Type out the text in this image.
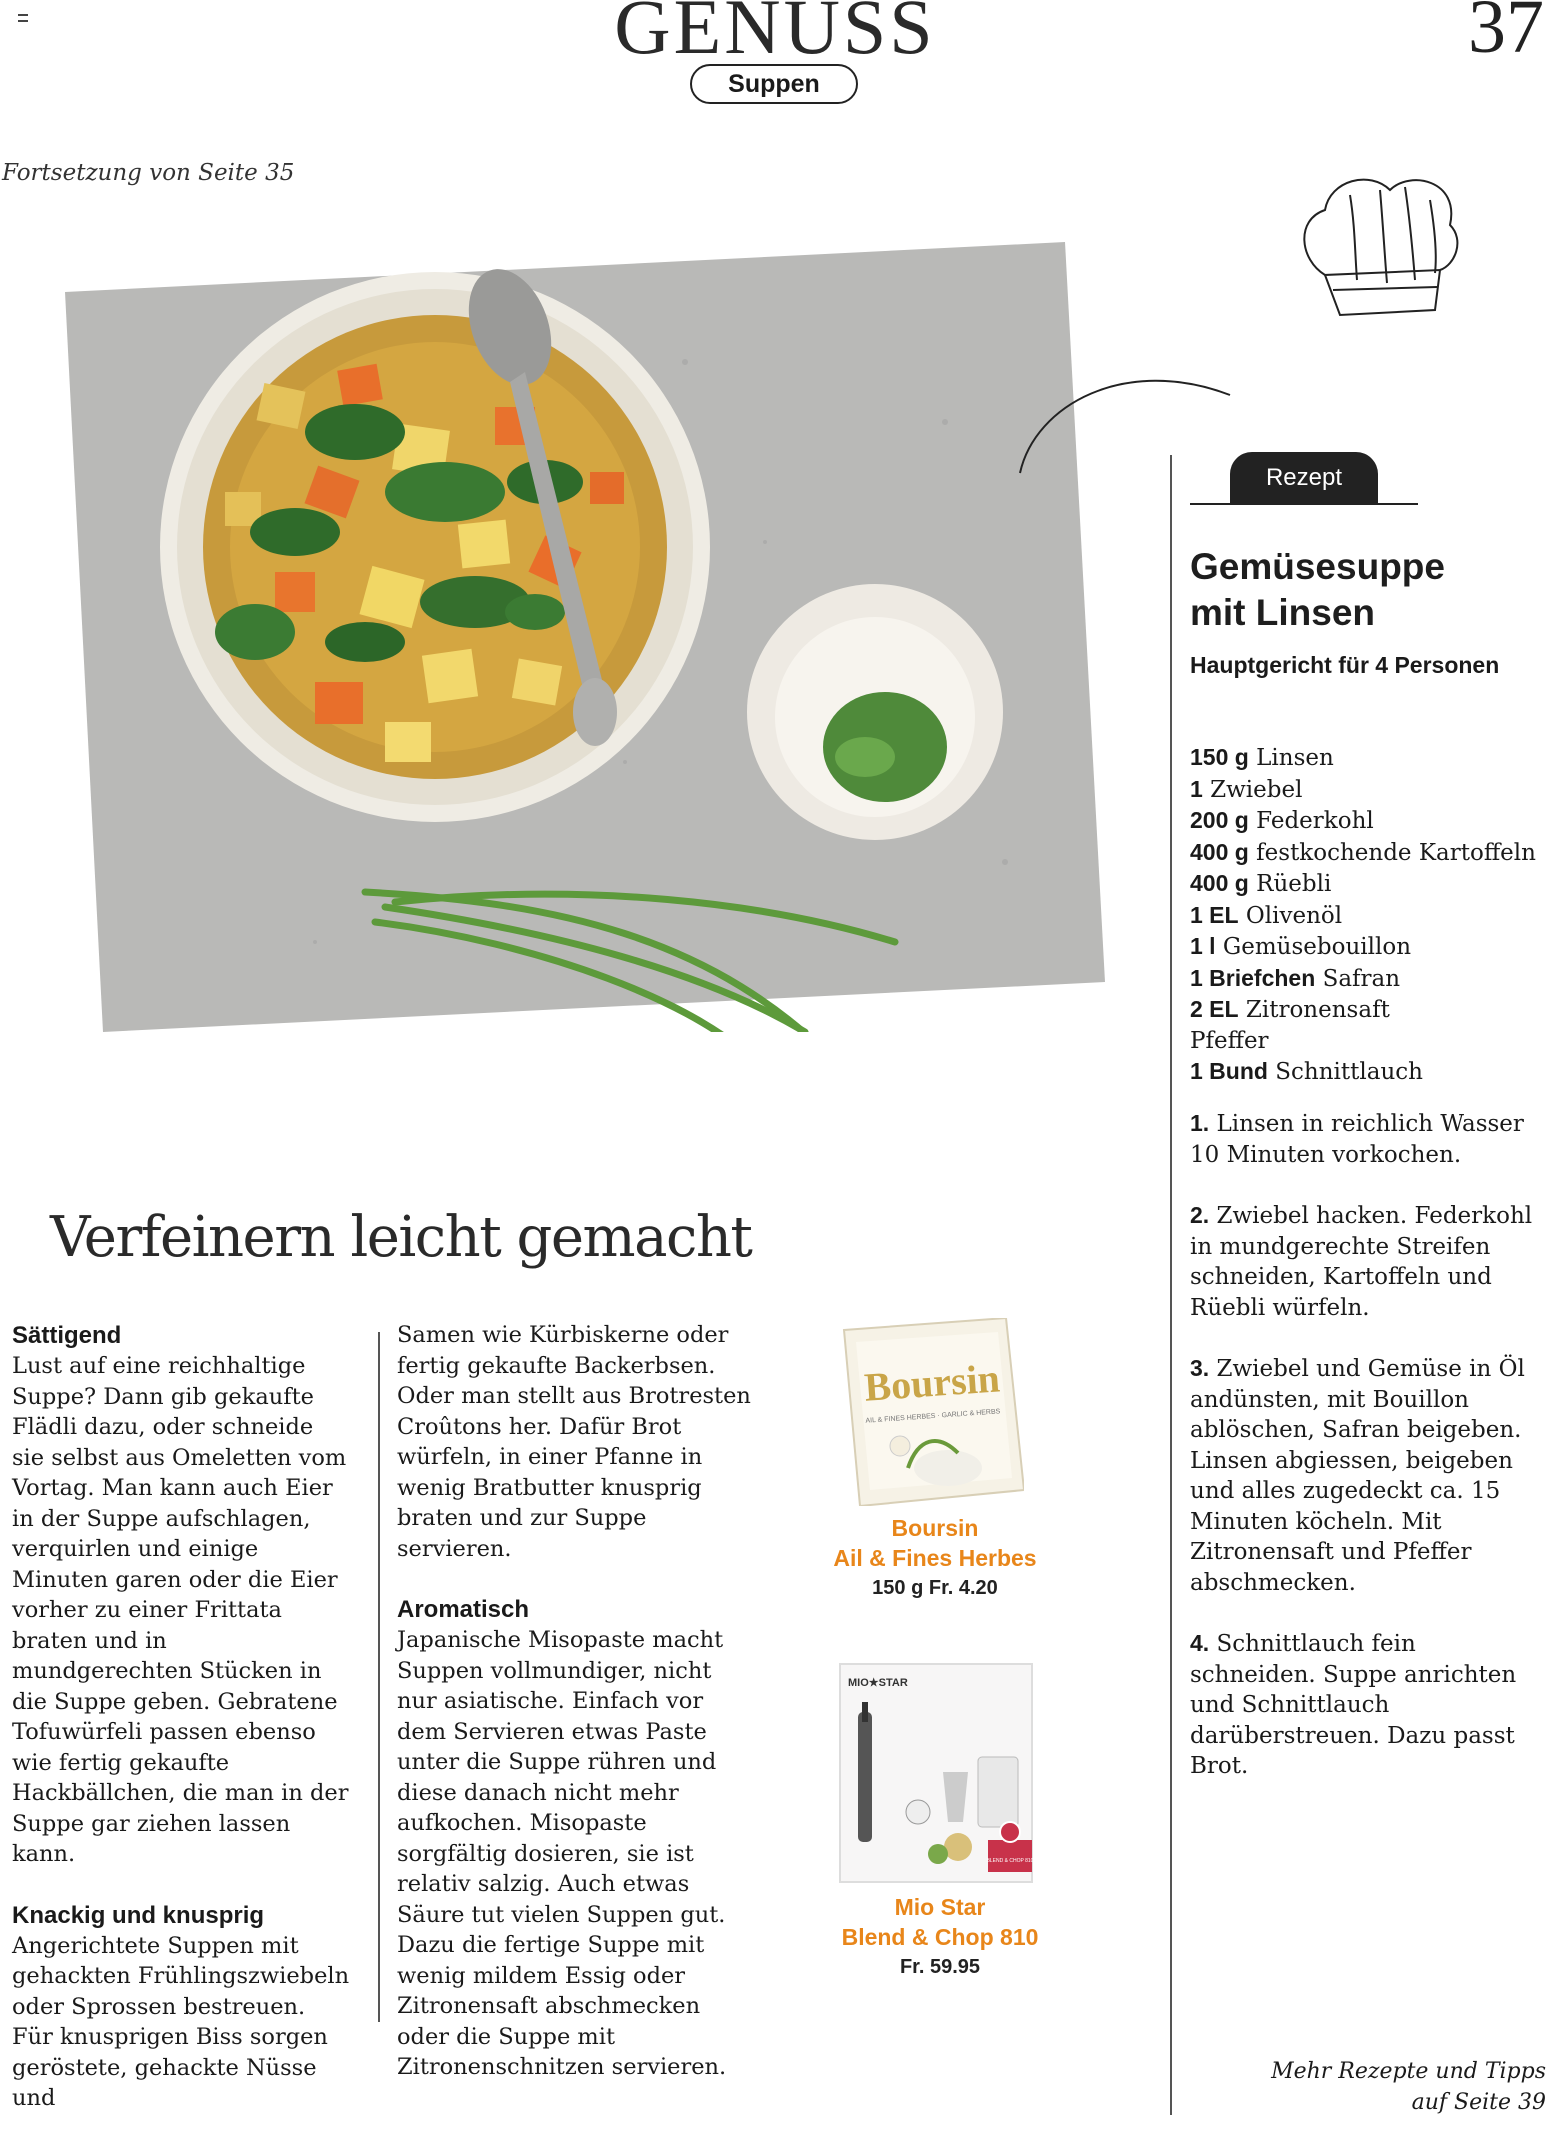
GENUSS
Suppen
37
Fortsetzung von Seite 35
Rezept
Gemüsesuppe
mit Linsen
Hauptgericht für 4 Personen
150 g Linsen
1 Zwiebel
200 g Federkohl
400 g festkochende Kartoffeln
400 g Rüebli
1 EL Olivenöl
1 l Gemüsebouillon
1 Briefchen Safran
2 EL Zitronensaft
Pfeffer
1 Bund Schnittlauch
1. Linsen in reichlich Wasser 10 Minuten vorkochen.
2. Zwiebel hacken. Federkohl in mundgerechte Streifen schneiden, Kartoffeln und Rüebli würfeln.
3. Zwiebel und Gemüse in Öl andünsten, mit Bouillon ablöschen, Safran beigeben. Linsen abgiessen, beigeben und alles zugedeckt ca. 15 Minuten köcheln. Mit Zitronensaft und Pfeffer abschmecken.
4. Schnittlauch fein schneiden. Suppe anrichten und Schnittlauch darüberstreuen. Dazu passt Brot.
Mehr Rezepte und Tipps
auf Seite 39
Verfeinern leicht gemacht
Sättigend

Lust auf eine reichhaltige Suppe? Dann gib gekaufte Flädli dazu, oder schneide sie selbst aus Omeletten vom Vortag. Man kann auch Eier in der Suppe aufschlagen, verquirlen und einige Minuten garen oder die Eier vorher zu einer Frittata braten und in mundgerechten Stücken in die Suppe geben. Gebratene Tofuwürfeli passen ebenso wie fertig gekaufte Hackbällchen, die man in der Suppe gar ziehen lassen kann.

Knackig und knusprig

Angerichtete Suppen mit gehackten Frühlingszwiebeln oder Sprossen bestreuen. Für knusprigen Biss sorgen geröstete, gehackte Nüsse und

Samen wie Kürbiskerne oder fertig gekaufte Backerbsen. Oder man stellt aus Brotresten Croûtons her. Dafür Brot würfeln, in einer Pfanne in wenig Bratbutter knusprig braten und zur Suppe servieren.

Aromatisch

Japanische Misopaste macht Suppen vollmundiger, nicht nur asiatische. Einfach vor dem Servieren etwas Paste unter die Suppe rühren und diese danach nicht mehr aufkochen. Misopaste sorgfältig dosieren, sie ist relativ salzig. Auch etwas Säure tut vielen Suppen gut. Dazu die fertige Suppe mit wenig mildem Essig oder Zitronensaft abschmecken oder die Suppe mit Zitronenschnitzen servieren.

Boursin
AIL & FINES HERBES · GARLIC & HERBS
Boursin
Ail & Fines Herbes
150 g Fr. 4.20
MIO★STAR
BLEND & CHOP 810
Mio Star
Blend & Chop 810
Fr. 59.95
